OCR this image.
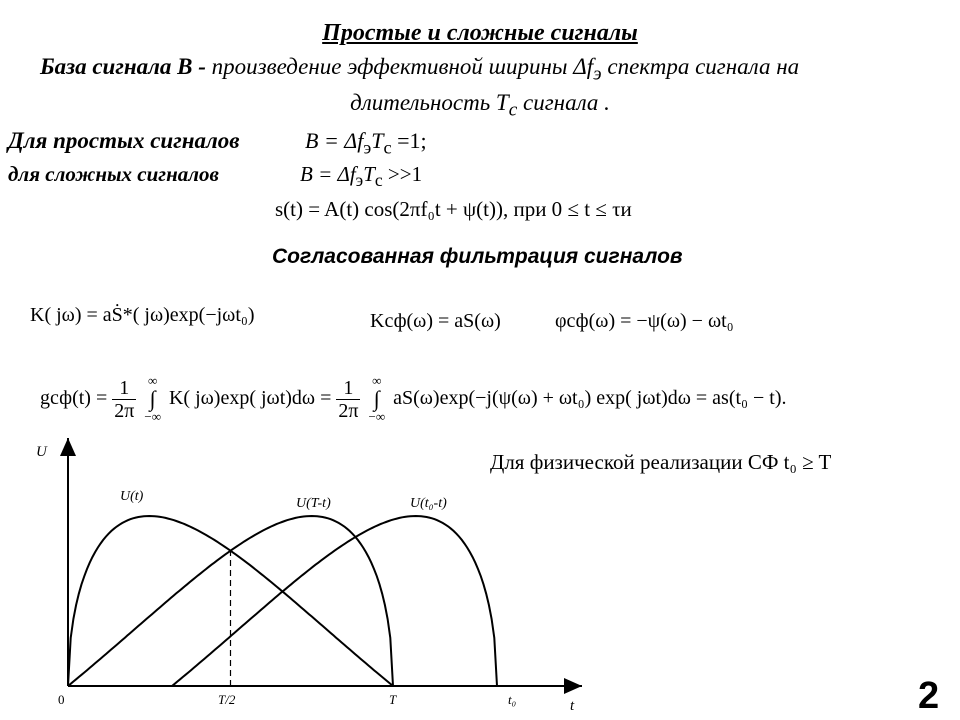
Простые и сложные сигналы
База сигнала B - произведение эффективной ширины $\Delta f_э$ спектра сигнала на
длительность $T_c$ сигнала .
Для простых сигналов	$B = \Delta f_эT_c =1$;
для сложных сигналов	$B = \Delta f_эT_c >>1$
s(t) = A(t) cos(2πf₀t + ψ(t)), при 0 ≤ t ≤ τи
Согласованная фильтрация сигналов
K( jω) = aṠ*( jω)exp(−jωt₀)	Kсф(ω) = aS(ω)	φсф(ω) = −ψ(ω) − ωt₀
$gсф(t) = \frac{1}{2\pi}$ ∞
∫
−∞ K( jω)exp( $j\omega t)d\omega = \frac{1}{2\pi}$ ∞
∫
−∞ aS(ω)exp(−j(ψ(ω) + ωt₀) exp( jωt)dω = as(t₀ − t).
Для физической реализации СФ t₀ ≥ T
U
t
U(t)	U(T-t)	U(t₀-t)
0	T/2	T	t₀	2
